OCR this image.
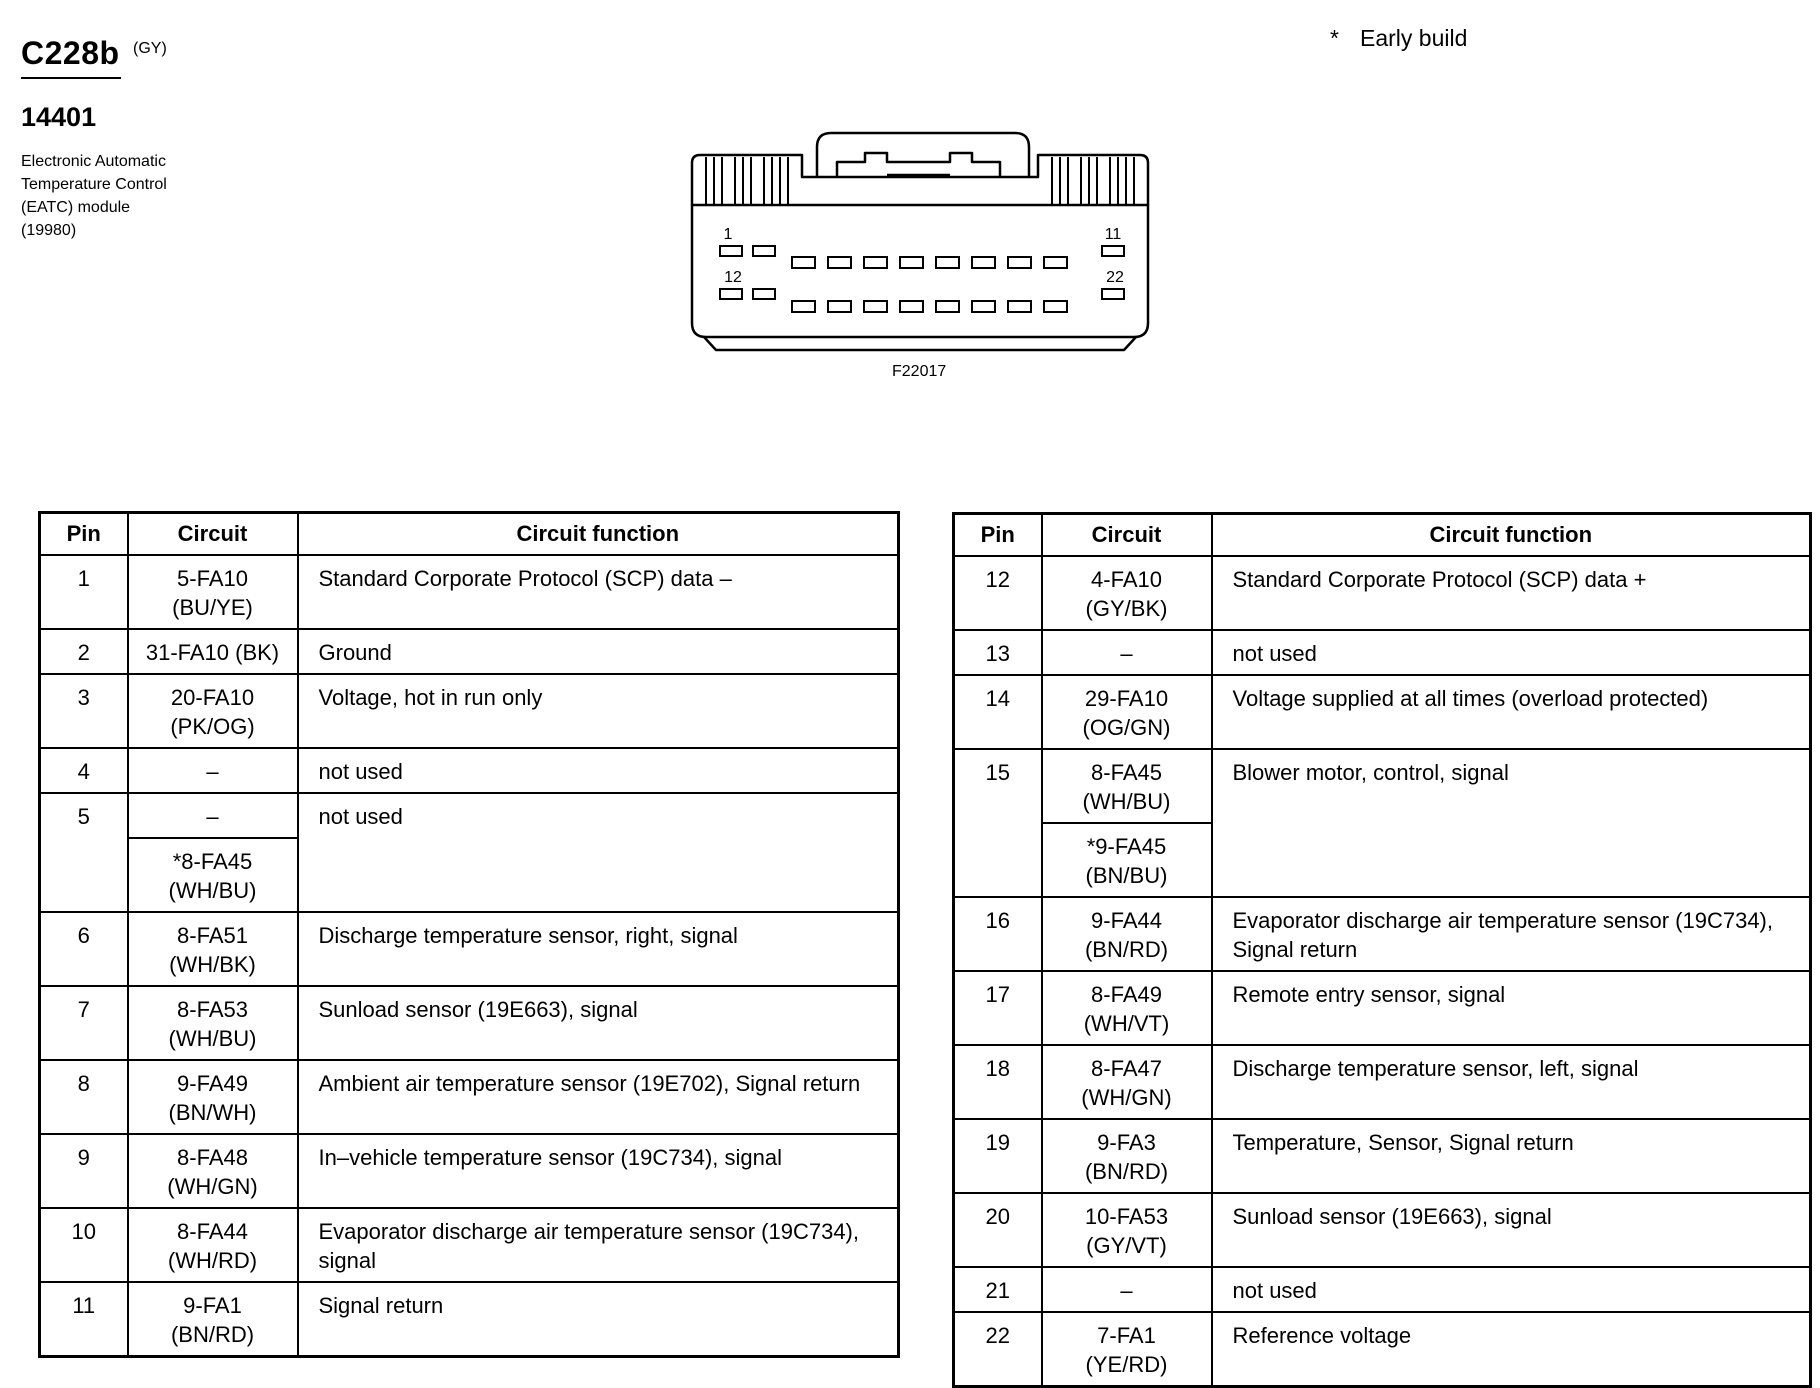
C228b (GY)
14401
Electronic Automatic
Temperature Control
(EATC) module
(19980)
* Early build
1	11
12	22
F22017
Pin	Circuit	Circuit function
1	5-FA10
(BU/YE)	Standard Corporate Protocol (SCP) data –
2	31-FA10 (BK)	Ground
3	20-FA10
(PK/OG)	Voltage, hot in run only
4	–	not used
5	–	not used
	*8-FA45
(WH/BU)	
6	8-FA51
(WH/BK)	Discharge temperature sensor, right, signal
7	8-FA53
(WH/BU)	Sunload sensor (19E663), signal
8	9-FA49
(BN/WH)	Ambient air temperature sensor (19E702), Signal return
9	8-FA48
(WH/GN)	In–vehicle temperature sensor (19C734), signal
10	8-FA44
(WH/RD)	Evaporator discharge air temperature sensor (19C734), signal
11	9-FA1
(BN/RD)	Signal return
Pin	Circuit	Circuit function
12	4-FA10
(GY/BK)	Standard Corporate Protocol (SCP) data +
13	–	not used
14	29-FA10
(OG/GN)	Voltage supplied at all times (overload protected)
15	8-FA45
(WH/BU)	Blower motor, control, signal
	*9-FA45
(BN/BU)	
16	9-FA44
(BN/RD)	Evaporator discharge air temperature sensor (19C734), Signal return
17	8-FA49
(WH/VT)	Remote entry sensor, signal
18	8-FA47
(WH/GN)	Discharge temperature sensor, left, signal
19	9-FA3
(BN/RD)	Temperature, Sensor, Signal return
20	10-FA53
(GY/VT)	Sunload sensor (19E663), signal
21	–	not used
22	7-FA1
(YE/RD)	Reference voltage
